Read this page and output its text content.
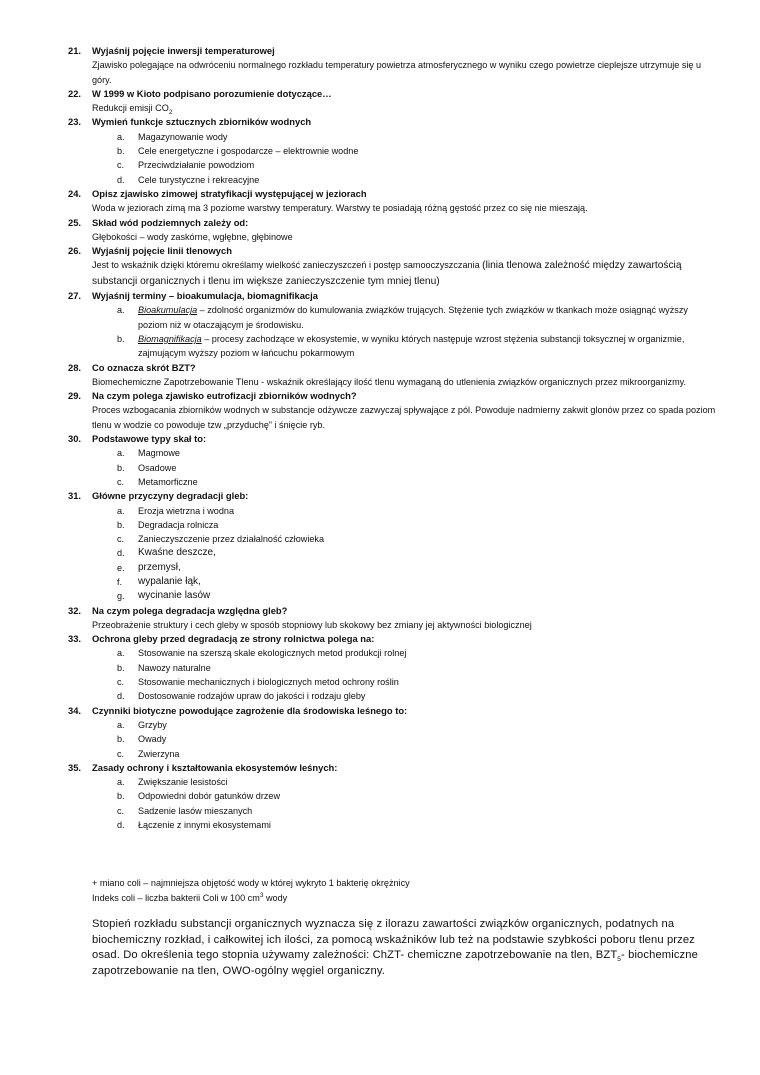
21.	Wyjaśnij pojęcie inwersji temperaturowej
Zjawisko polegające na odwróceniu normalnego rozkładu temperatury powietrza atmosferycznego w wyniku czego powietrze cieplejsze utrzymuje się u góry.
22.	W 1999 w Kioto podpisano porozumienie dotyczące…
Redukcji emisji $CO_2$
23.	Wymień funkcje sztucznych zbiorników wodnych
a.	Magazynowanie wody
b.	Cele energetyczne i gospodarcze – elektrownie wodne
c.	Przeciwdziałanie powodziom
d.	Cele turystyczne i rekreacyjne
24.	Opisz zjawisko zimowej stratyfikacji występującej w jeziorach
Woda w jeziorach zimą ma 3 poziome warstwy temperatury. Warstwy te posiadają różną gęstość przez co się nie mieszają.
25.	Skład wód podziemnych zależy od:
Głębokości – wody zaskórne, wgłębne, głębinowe
26.	Wyjaśnij pojęcie linii tlenowych
Jest to wskaźnik dzięki któremu określamy wielkość zanieczyszczeń i postęp samooczyszczania (linia tlenowa zależność między zawartością substancji organicznych i tlenu im większe zanieczyszczenie tym mniej tlenu)
27.	Wyjaśnij terminy – bioakumulacja, biomagnifikacja
a.	Bioakumulacja – zdolność organizmów do kumulowania związków trujących. Stężenie tych związków w tkankach może osiągnąć wyższy poziom niż w otaczającym je środowisku.
b.	Biomagnifikacja – procesy zachodzące w ekosystemie, w wyniku których następuje wzrost stężenia substancji toksycznej w organizmie, zajmującym wyższy poziom w łańcuchu pokarmowym
28.	Co oznacza skrót BZT?
Biomechemiczne Zapotrzebowanie Tlenu - wskaźnik określający ilość tlenu wymaganą do utlenienia związków organicznych przez mikroorganizmy.
29.	Na czym polega zjawisko eutrofizacji zbiorników wodnych?
Proces wzbogacania zbiorników wodnych w substancje odżywcze zazwyczaj spływające z pól. Powoduje nadmierny zakwit glonów przez co spada poziom tlenu w wodzie co powoduje tzw „przyduchę” i śnięcie ryb.
30.	Podstawowe typy skał to:
a.	Magmowe
b.	Osadowe
c.	Metamorficzne
31.	Główne przyczyny degradacji gleb:
a.	Erozja wietrzna i wodna
b.	Degradacja rolnicza
c.	Zanieczyszczenie przez działalność człowieka
d.	Kwaśne deszcze,
e.	przemysł,
f.	wypalanie łąk,
g.	wycinanie lasów
32.	Na czym polega degradacja względna gleb?
Przeobrażenie struktury i cech gleby w sposób stopniowy lub skokowy bez zmiany jej aktywności biologicznej
33.	Ochrona gleby przed degradacją ze strony rolnictwa polega na:
a.	Stosowanie na szerszą skale ekologicznych metod produkcji rolnej
b.	Nawozy naturalne
c.	Stosowanie mechanicznych i biologicznych metod ochrony roślin
d.	Dostosowanie rodzajów upraw do jakości i rodzaju gleby
34.	Czynniki biotyczne powodujące zagrożenie dla środowiska leśnego to:
a.	Grzyby
b.	Owady
c.	Zwierzyna
35.	Zasady ochrony i kształtowania ekosystemów leśnych:
a.	Zwiększanie lesistości
b.	Odpowiedni dobór gatunków drzew
c.	Sadzenie lasów mieszanych
d.	Łączenie z innymi ekosystemami
+ miano coli – najmniejsza objętość wody w której wykryto 1 bakterię okrężnicy
Indeks coli – liczba bakterii Coli w 100 $cm^3$ wody
Stopień rozkładu substancji organicznych wyznacza się z ilorazu zawartości związków organicznych, podatnych na biochemiczny rozkład, i całkowitej ich ilości, za pomocą wskaźników lub też na podstawie szybkości poboru tlenu przez osad. Do określenia tego stopnia używamy zależności: ChZT- chemiczne zapotrzebowanie na tlen, $BZT_5-$ biochemiczne zapotrzebowanie na tlen, OWO-ogólny węgiel organiczny.
